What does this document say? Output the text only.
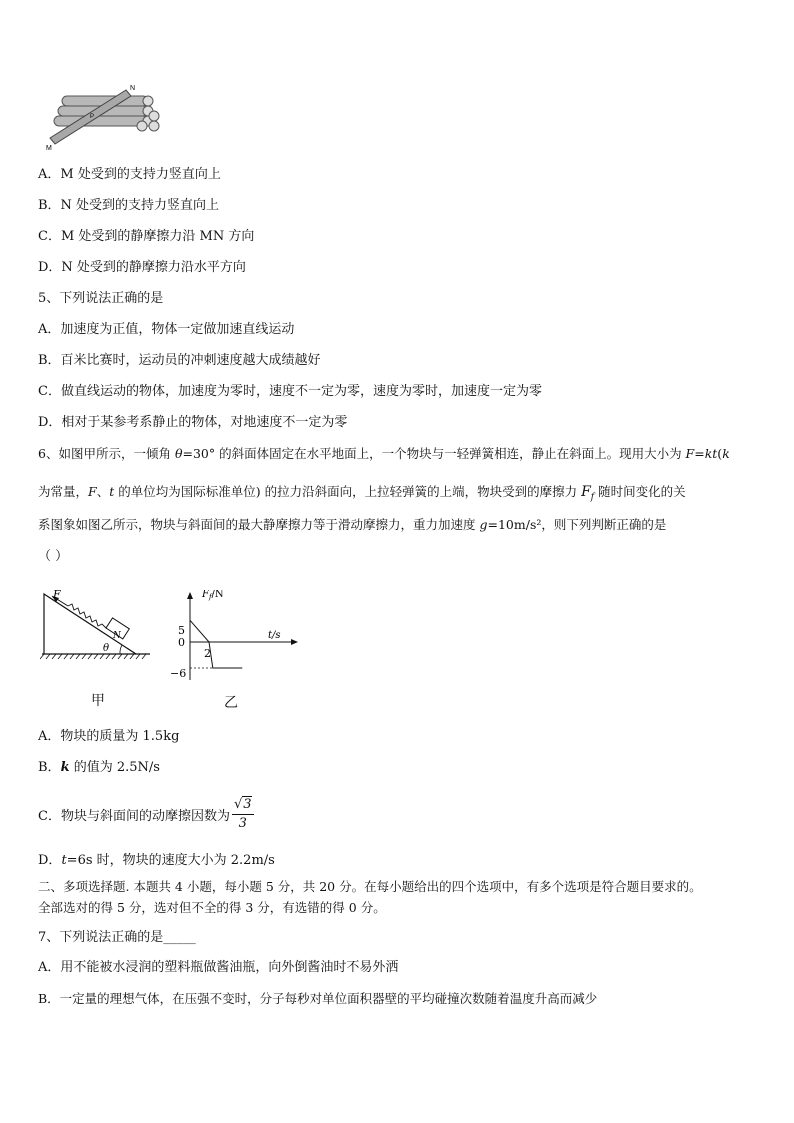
M
N
P
A．M 处受到的支持力竖直向上
B．N 处受到的支持力竖直向上
C．M 处受到的静摩擦力沿 MN 方向
D．N 处受到的静摩擦力沿水平方向
5、下列说法正确的是
A．加速度为正值，物体一定做加速直线运动
B．百米比赛时，运动员的冲刺速度越大成绩越好
C．做直线运动的物体，加速度为零时，速度不一定为零，速度为零时，加速度一定为零
D．相对于某参考系静止的物体，对地速度不一定为零
6、如图甲所示，一倾角 θ=30° 的斜面体固定在水平地面上，一个物块与一轻弹簧相连，静止在斜面上。现用大小为 F=kt(k
为常量，F、t 的单位均为国际标准单位) 的拉力沿斜面向，上拉轻弹簧的上端，物块受到的摩擦力 $F_f$ 随时间变化的关
系图象如图乙所示，物块与斜面间的最大静摩擦力等于滑动摩擦力，重力加速度 g=10m/s²，则下列判断正确的是
（ ）
N
θ
F
甲
$F_f/N$
t/s
5
0
−6
2
乙
A．物块的质量为 1.5kg
B．k 的值为 2.5N/s
C．物块与斜面间的动摩擦因数为 $\frac{√3}{3}$
D．t=6s 时，物块的速度大小为 2.2m/s
二、多项选择题. 本题共 4 小题，每小题 5 分，共 20 分。在每小题给出的四个选项中，有多个选项是符合题目要求的。
全部选对的得 5 分，选对但不全的得 3 分，有选错的得 0 分。
7、下列说法正确的是_____
A．用不能被水浸润的塑料瓶做酱油瓶，向外倒酱油时不易外洒
B．一定量的理想气体，在压强不变时，分子每秒对单位面积器壁的平均碰撞次数随着温度升高而减少
